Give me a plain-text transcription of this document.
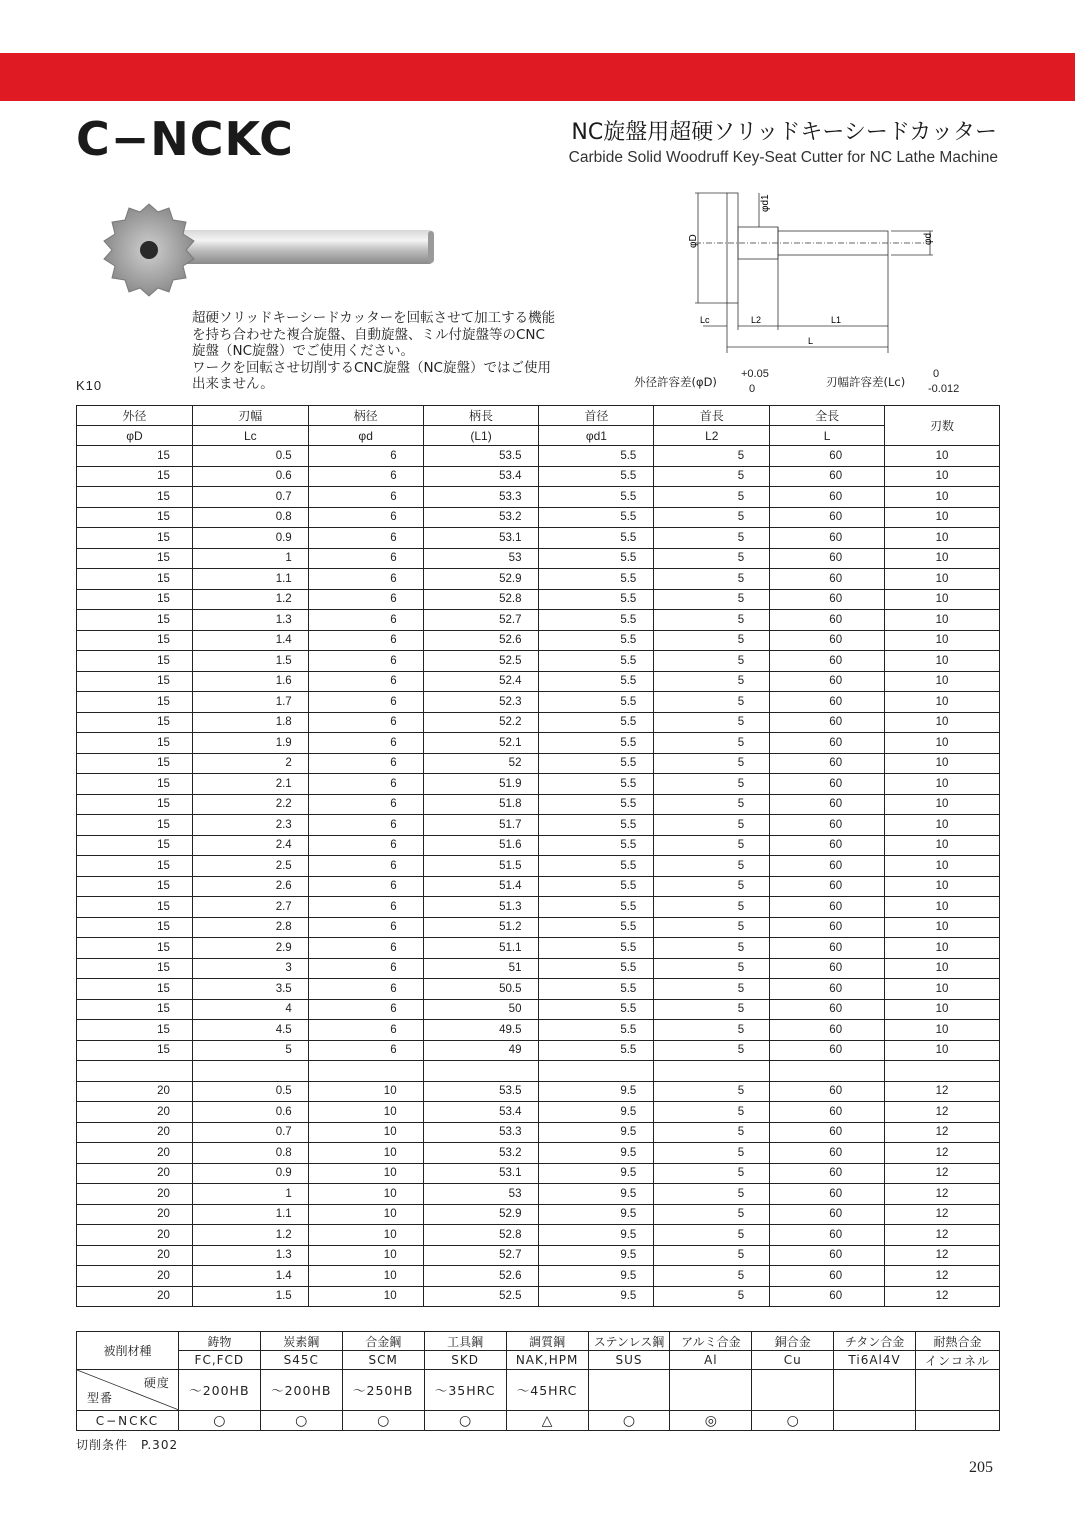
C−NCKC	NC旋盤用超硬ソリッドキーシードカッター
Carbide Solid Woodruff Key-Seat Cutter for NC Lathe Machine
φD
φd1
φd
Lc	L2	L1
L
超硬ソリッドキーシードカッターを回転させて加工する機能
を持ち合わせた複合旋盤、自動旋盤、ミル付旋盤等のCNC
旋盤（NC旋盤）でご使用ください。
ワークを回転させ切削するCNC旋盤（NC旋盤）ではご使用
出来ません。
K10	外径許容差(φD)
+0.05
0	刃幅許容差(Lc)
0
-0.012
外径	刃幅	柄径	柄長	首径	首長	全長	刃数
φD	Lc	φd	(L1)	φd1	L2	L	
15	0.5	6	53.5	5.5	5	60	10
15	0.6	6	53.4	5.5	5	60	10
15	0.7	6	53.3	5.5	5	60	10
15	0.8	6	53.2	5.5	5	60	10
15	0.9	6	53.1	5.5	5	60	10
15	1	6	53	5.5	5	60	10
15	1.1	6	52.9	5.5	5	60	10
15	1.2	6	52.8	5.5	5	60	10
15	1.3	6	52.7	5.5	5	60	10
15	1.4	6	52.6	5.5	5	60	10
15	1.5	6	52.5	5.5	5	60	10
15	1.6	6	52.4	5.5	5	60	10
15	1.7	6	52.3	5.5	5	60	10
15	1.8	6	52.2	5.5	5	60	10
15	1.9	6	52.1	5.5	5	60	10
15	2	6	52	5.5	5	60	10
15	2.1	6	51.9	5.5	5	60	10
15	2.2	6	51.8	5.5	5	60	10
15	2.3	6	51.7	5.5	5	60	10
15	2.4	6	51.6	5.5	5	60	10
15	2.5	6	51.5	5.5	5	60	10
15	2.6	6	51.4	5.5	5	60	10
15	2.7	6	51.3	5.5	5	60	10
15	2.8	6	51.2	5.5	5	60	10
15	2.9	6	51.1	5.5	5	60	10
15	3	6	51	5.5	5	60	10
15	3.5	6	50.5	5.5	5	60	10
15	4	6	50	5.5	5	60	10
15	4.5	6	49.5	5.5	5	60	10
15	5	6	49	5.5	5	60	10

20	0.5	10	53.5	9.5	5	60	12
20	0.6	10	53.4	9.5	5	60	12
20	0.7	10	53.3	9.5	5	60	12
20	0.8	10	53.2	9.5	5	60	12
20	0.9	10	53.1	9.5	5	60	12
20	1	10	53	9.5	5	60	12
20	1.1	10	52.9	9.5	5	60	12
20	1.2	10	52.8	9.5	5	60	12
20	1.3	10	52.7	9.5	5	60	12
20	1.4	10	52.6	9.5	5	60	12
20	1.5	10	52.5	9.5	5	60	12
被削材種	鋳物	炭素鋼	合金鋼	工具鋼	調質鋼	ステンレス鋼	アルミ合金	銅合金	チタン合金	耐熱合金
	FC,FCD	S45C	SCM	SKD	NAK,HPM	SUS	Al	Cu	Ti6Al4V	インコネル

硬度
型番	～200HB	～200HB	～250HB	～35HRC	～45HRC					
C−NCKC	○	○	○	○	△	○	◎	○		
切削条件　P.302
205
